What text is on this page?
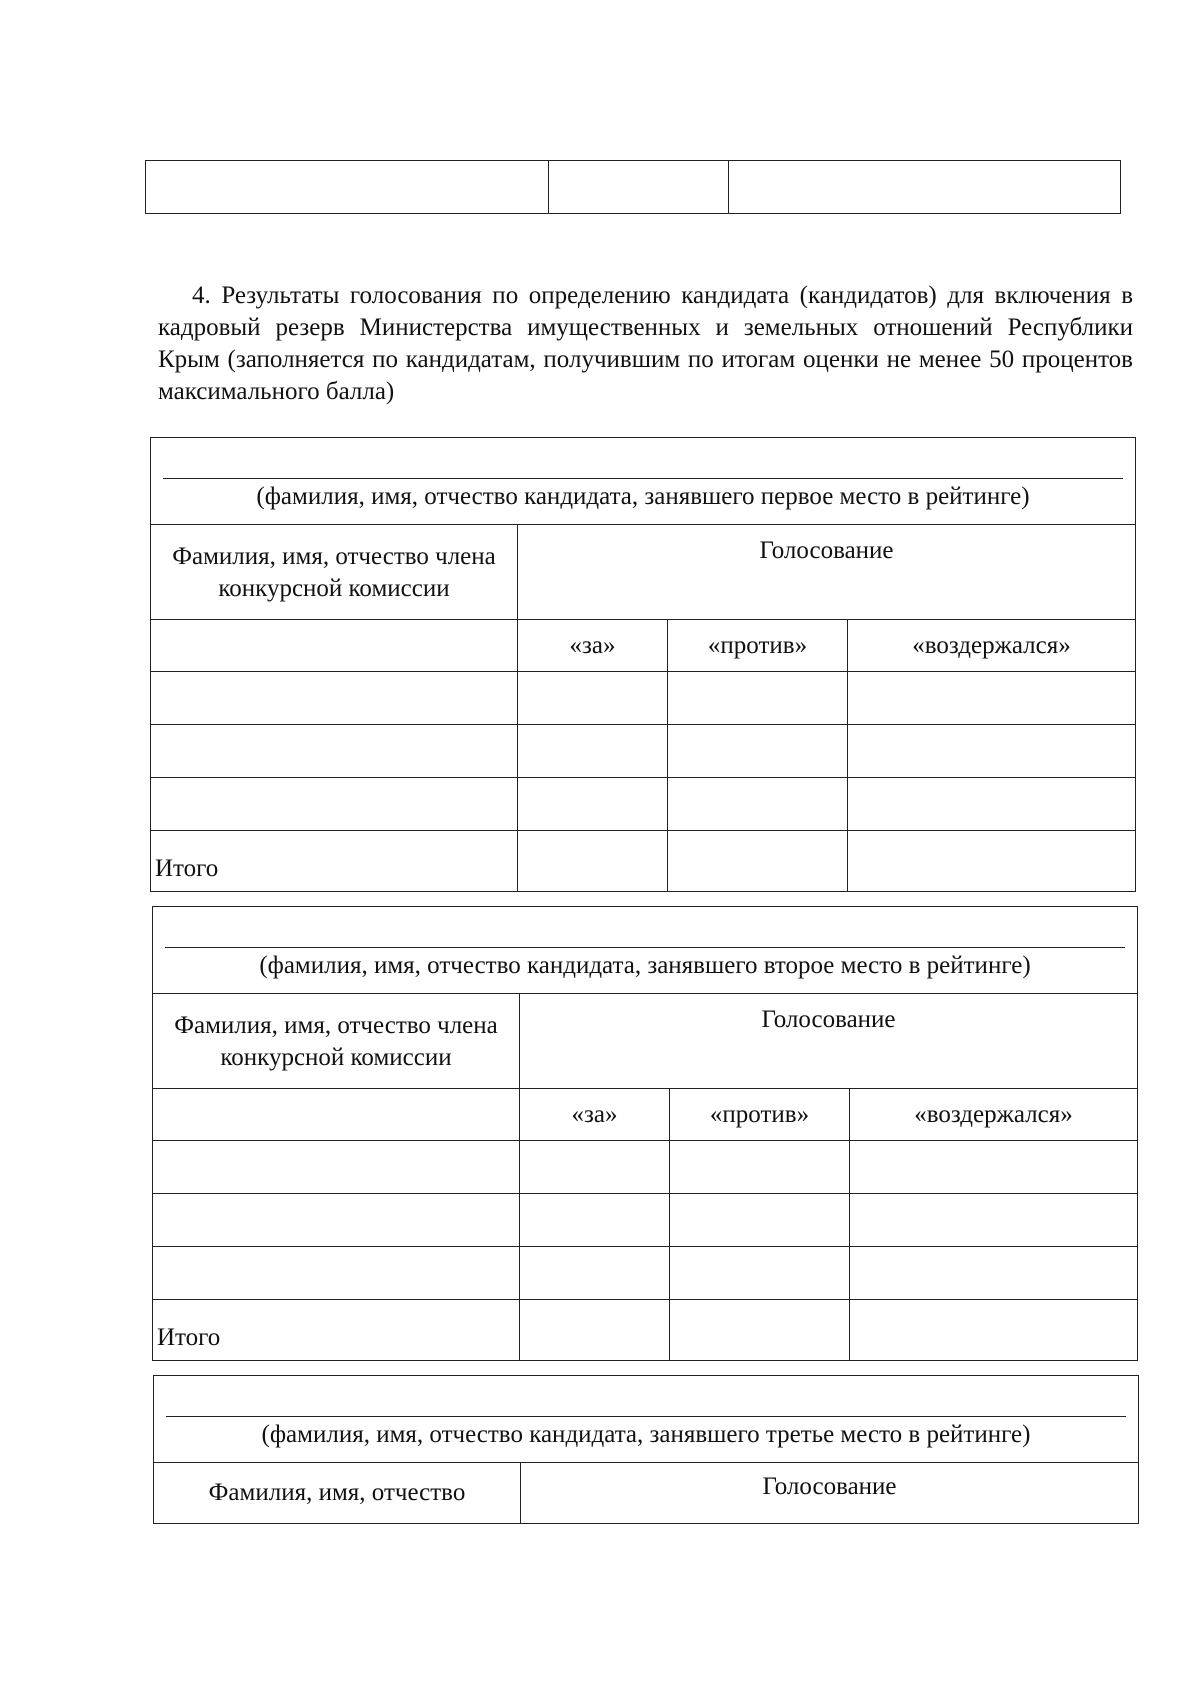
4. Результаты голосования по определению кандидата (кандидатов) для включения в кадровый резерв Министерства имущественных и земельных отношений Республики Крым (заполняется по кандидатам, получившим по итогам оценки не менее 50 процентов максимального балла)
(фамилия, имя, отчество кандидата, занявшего первое место в рейтинге)			

Фамилия, имя, отчество члена конкурсной комиссии	Голосование		
	«за»	«против»	«воздержался»

Итого			
(фамилия, имя, отчество кандидата, занявшего второе место в рейтинге)			

Фамилия, имя, отчество члена конкурсной комиссии	Голосование		
	«за»	«против»	«воздержался»

Итого			
(фамилия, имя, отчество кандидата, занявшего третье место в рейтинге)

Фамилия, имя, отчество	Голосование
